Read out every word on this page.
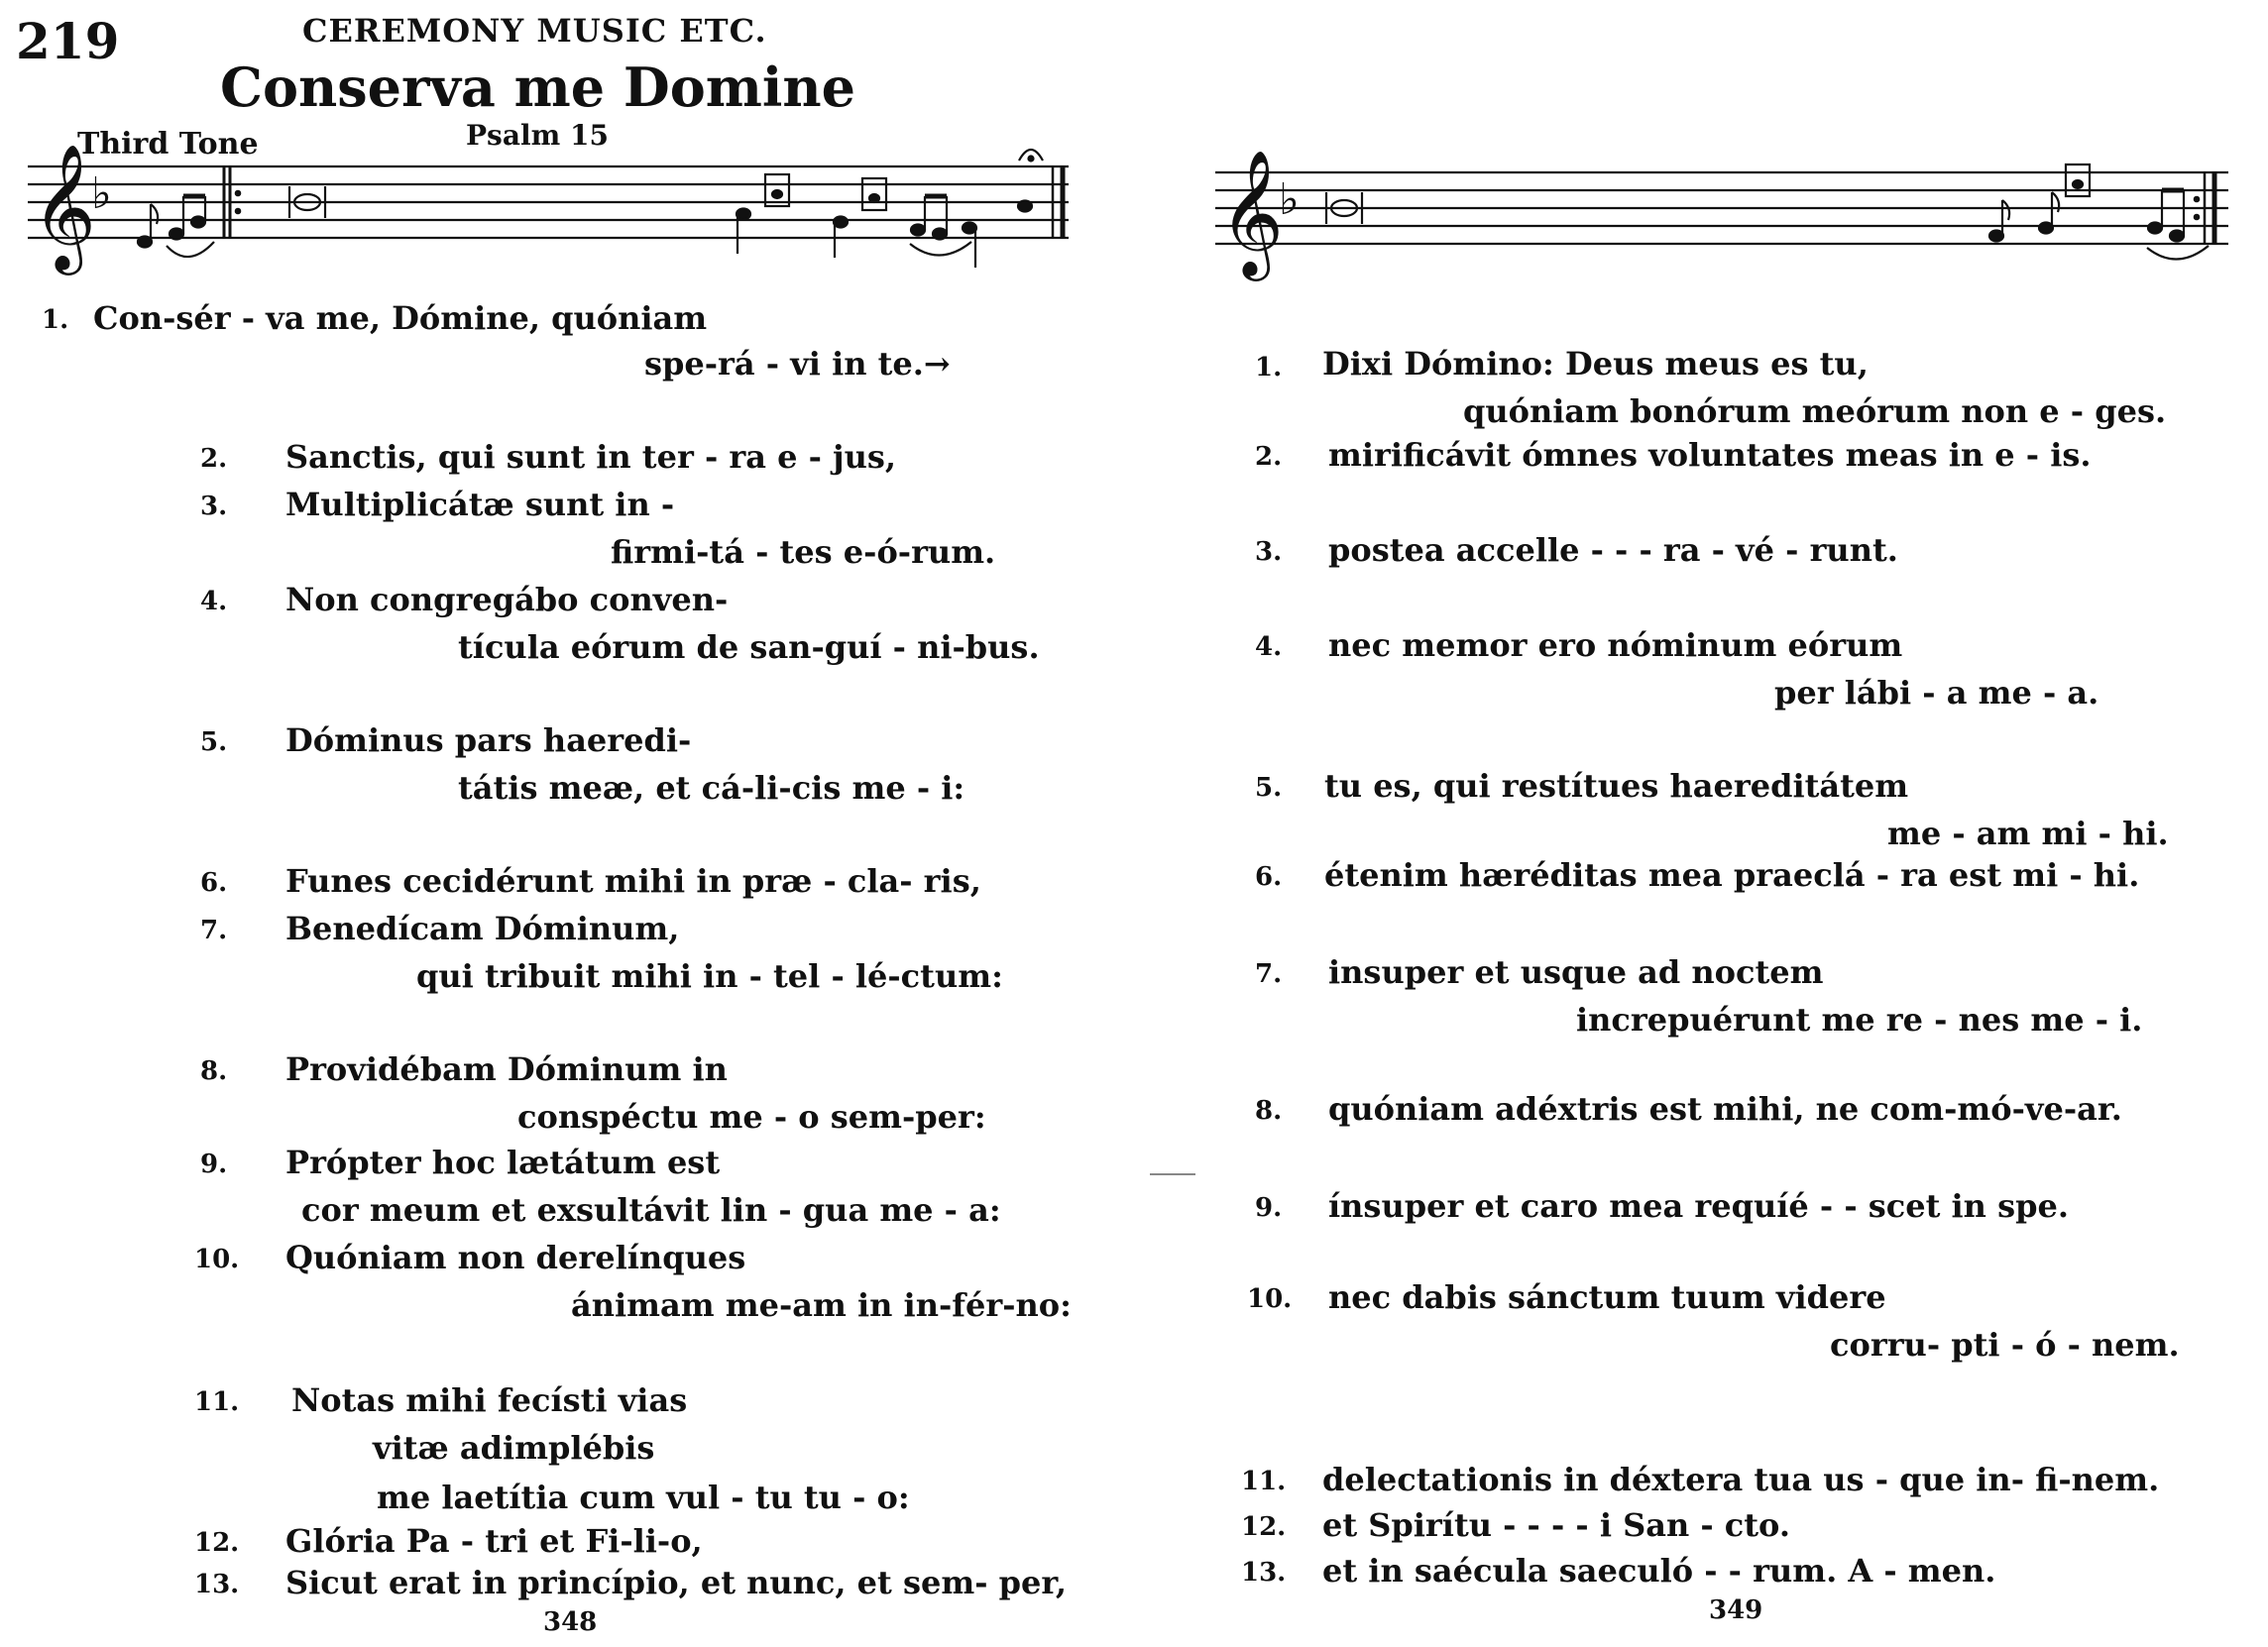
219	CEREMONY MUSIC ETC.
Conserva me Domine
Third Tone	Psalm 15
𝄞
♭	𝄞
♭
1. Con-sér - va me, Dómine, quóniam
spe-rá - vi in te.→
2. Sanctis, qui sunt in ter - ra e - jus,
3. Multiplicátæ sunt in -
firmi-tá - tes e-ó-rum.
4. Non congregábo conven-
tícula eórum de san-guí - ni-bus.
5. Dóminus pars haeredi-
tátis meæ, et cá-li-cis me - i:
6. Funes cecidérunt mihi in præ - cla- ris,
7. Benedícam Dóminum,
qui tribuit mihi in - tel - lé-ctum:
8. Providébam Dóminum in
conspéctu me - o sem-per:
9. Própter hoc lætátum est
cor meum et exsultávit lin - gua me - a:
10. Quóniam non derelínques
ánimam me-am in in-fér-no:
11. Notas mihi fecísti vias
vitæ adimplébis
me laetítia cum vul - tu tu - o:
12. Glória Pa - tri et Fi-li-o,
13. Sicut erat in princípio, et nunc, et sem- per,
348
1. Dixi Dómino: Deus meus es tu,
quóniam bonórum meórum non e - ges.
2. mirificávit ómnes voluntates meas in e - is.
3. postea accelle - - - ra - vé - runt.
4. nec memor ero nóminum eórum
per lábi - a me - a.
5. tu es, qui restítues haereditátem
me - am mi - hi.
6. étenim hæréditas mea praeclá - ra est mi - hi.
7. insuper et usque ad noctem
increpuérunt me re - nes me - i.
8. quóniam adéxtris est mihi, ne com-mó-ve-ar.
9. ínsuper et caro mea requíé - - scet in spe.
10. nec dabis sánctum tuum videre
corru- pti - ó - nem.
11. delectationis in déxtera tua us - que in- fi-nem.
12. et Spirítu - - - - i San - cto.
13. et in saécula saeculó - - rum. A - men.
349
